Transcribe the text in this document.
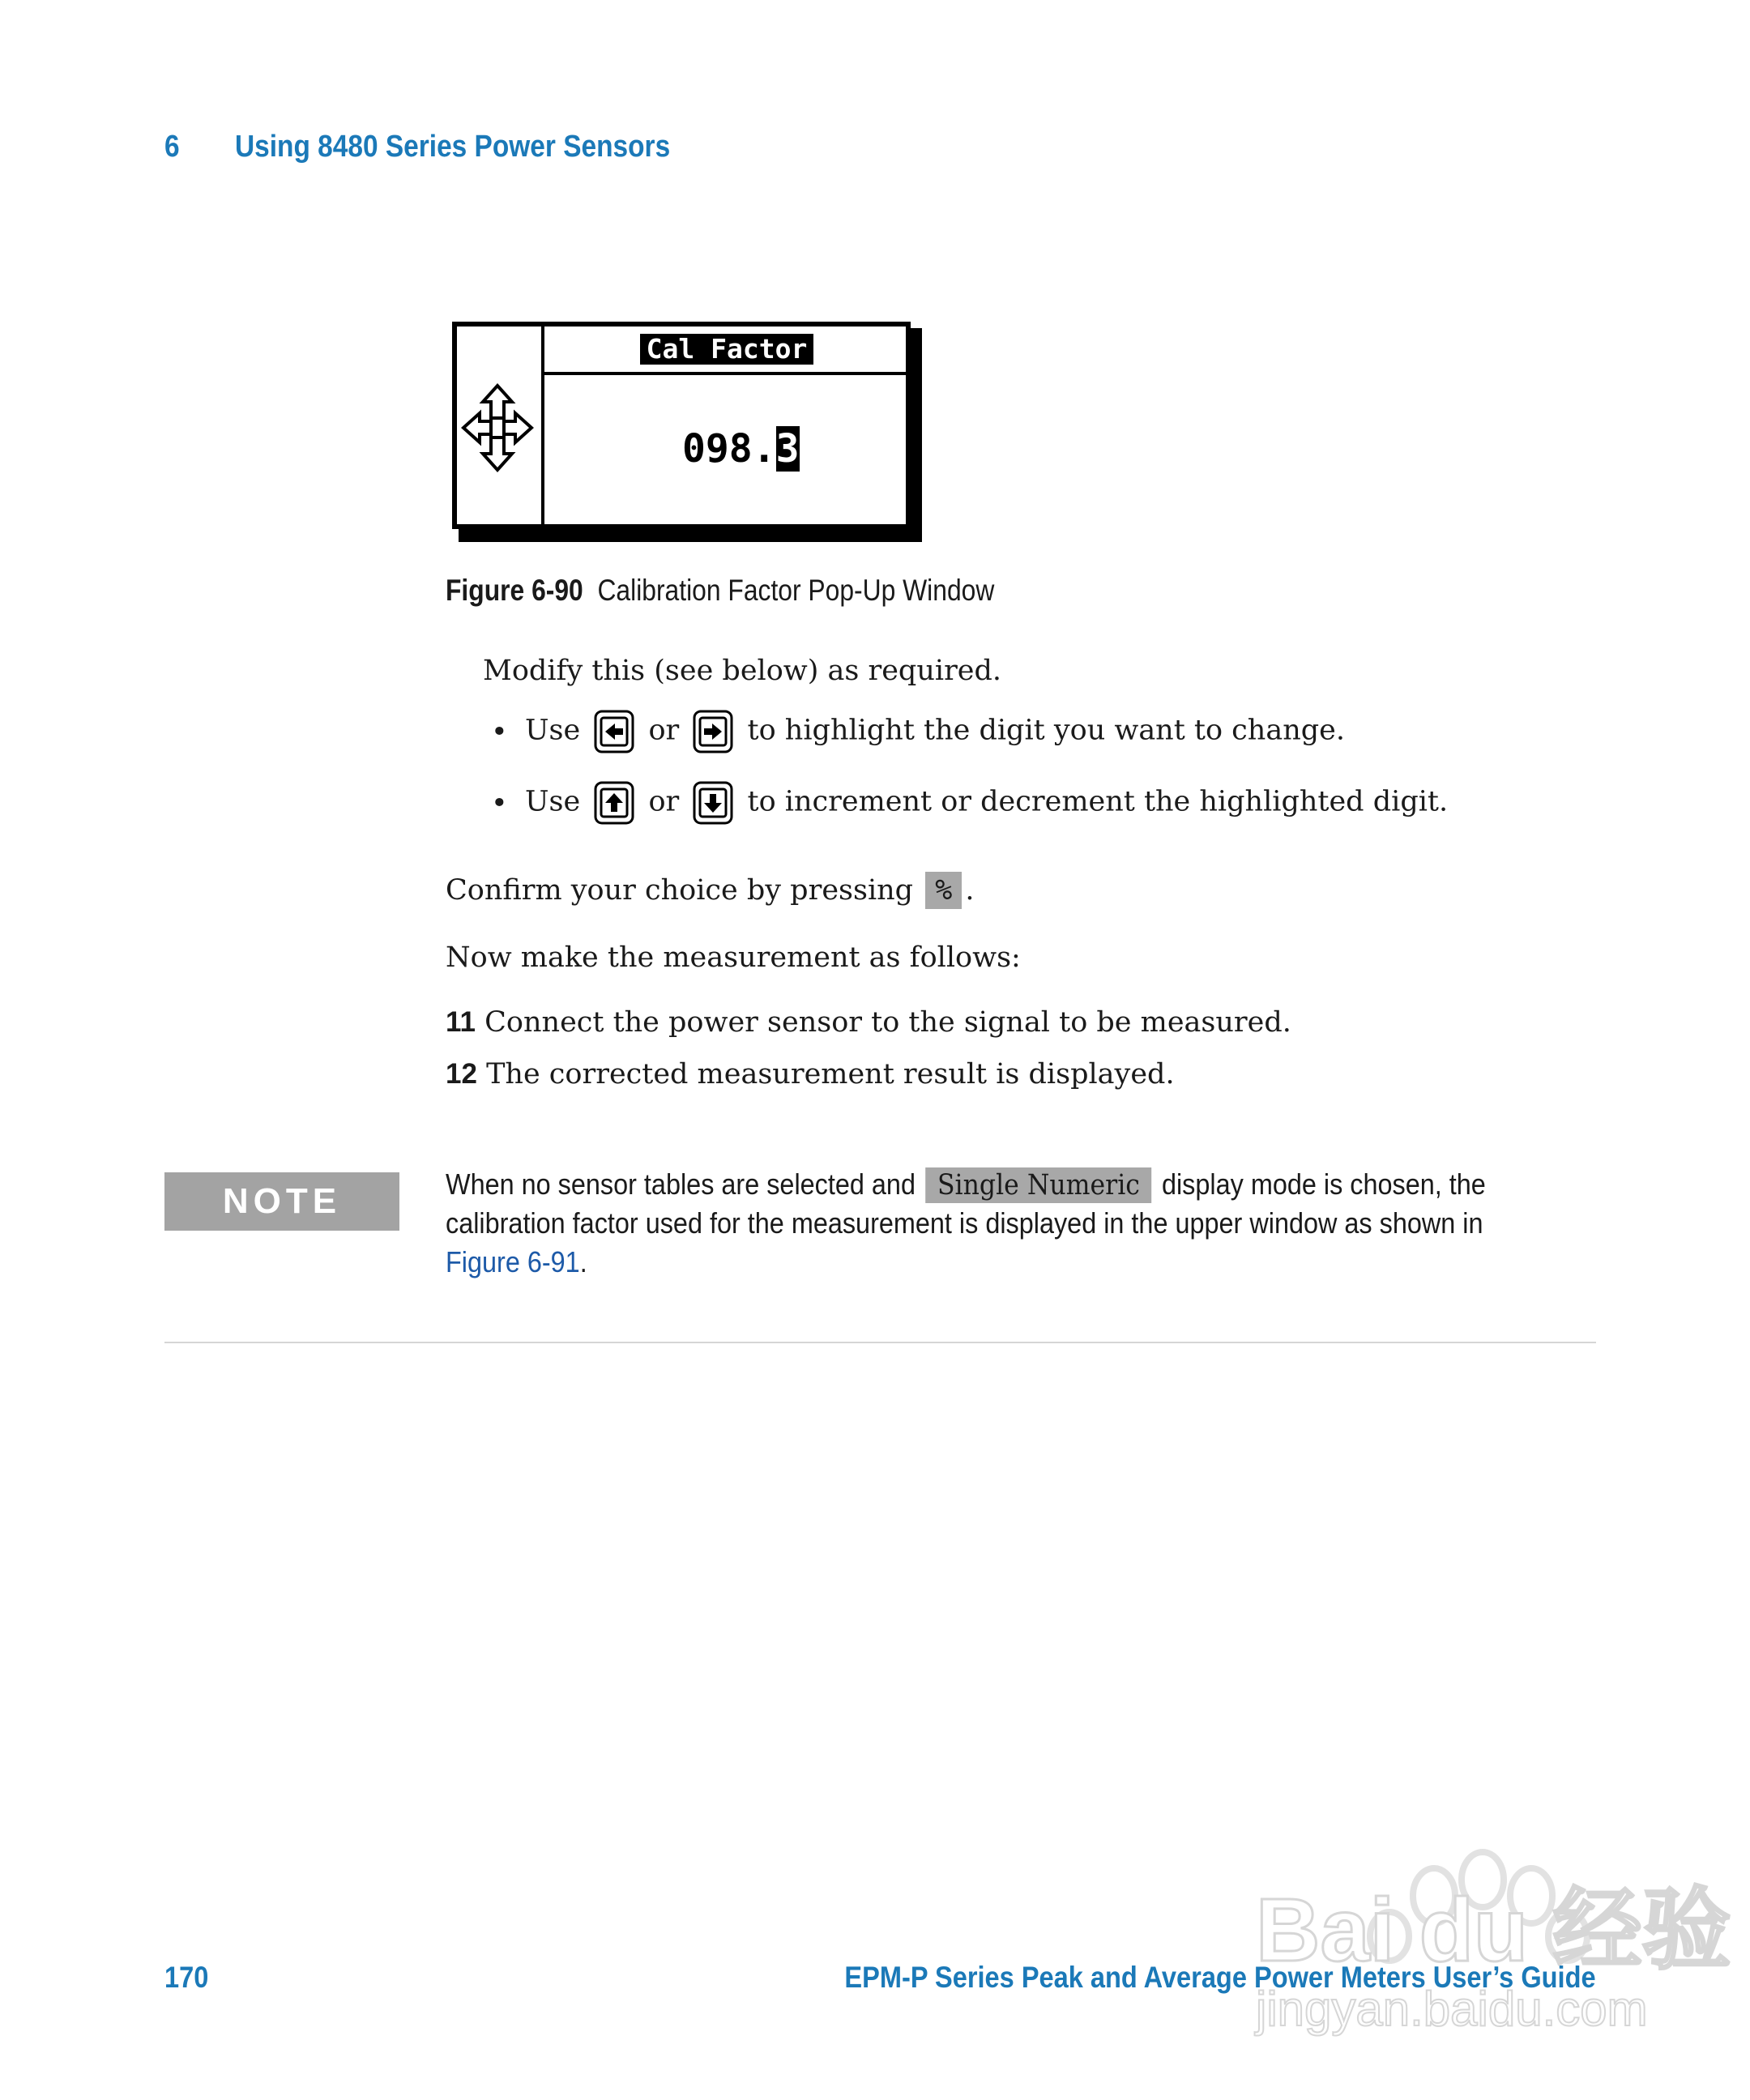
6 Using 8480 Series Power Sensors
Cal Factor
098.3
Figure 6-90 Calibration Factor Pop-Up Window
Modify this (see below) as required.
• Use or to highlight the digit you want to change.
• Use or to increment or decrement the highlighted digit.
Confirm your choice by pressing % .
Now make the measurement as follows:
11 Connect the power sensor to the signal to be measured.
12 The corrected measurement result is displayed.
NOTE	When no sensor tables are selected and Single Numeric display mode is chosen, the
calibration factor used for the measurement is displayed in the upper window as shown in
Figure 6-91.
170	EPM-P Series Peak and Average Power Meters User’s Guide
Bai du 经验
jingyan.baidu.com
